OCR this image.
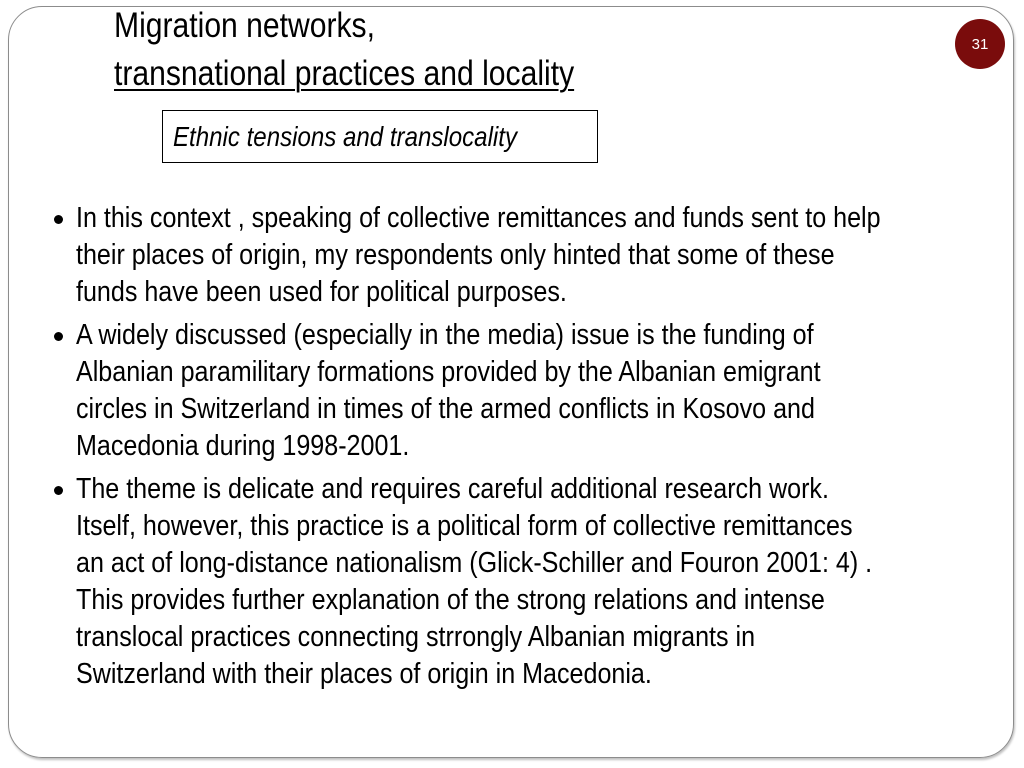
Migration networks,
transnational practices and locality
31
Ethnic tensions and translocality
In this context , speaking of collective remittances and funds sent to help
their places of origin, my respondents only hinted that some of these
funds have been used for political purposes.
A widely discussed (especially in the media) issue is the funding of
Albanian paramilitary formations provided by the Albanian emigrant
circles in Switzerland in times of the armed conflicts in Kosovo and
Macedonia during 1998-2001.
The theme is delicate and requires careful additional research work.
Itself, however, this practice is a political form of collective remittances
an act of long-distance nationalism (Glick-Schiller and Fouron 2001: 4) .
This provides further explanation of the strong relations and intense
translocal practices connecting strrongly Albanian migrants in
Switzerland with their places of origin in Macedonia.
